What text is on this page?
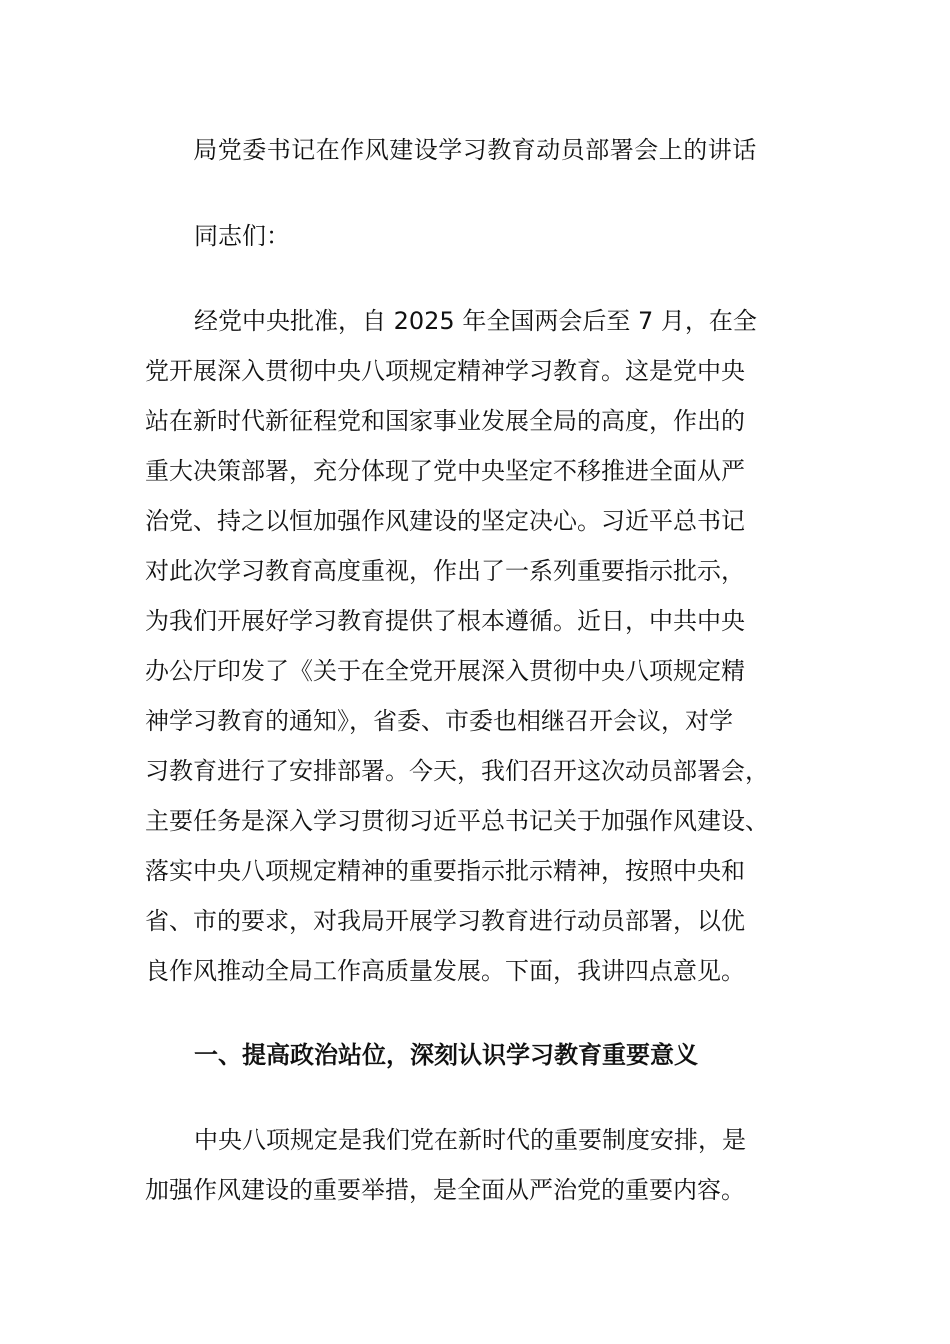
局党委书记在作风建设学习教育动员部署会上的讲话

同志们：

经党中央批准，自 2025 年全国两会后至 7 月，在全
党开展深入贯彻中央八项规定精神学习教育。这是党中央
站在新时代新征程党和国家事业发展全局的高度，作出的
重大决策部署，充分体现了党中央坚定不移推进全面从严
治党、持之以恒加强作风建设的坚定决心。习近平总书记
对此次学习教育高度重视，作出了一系列重要指示批示，
为我们开展好学习教育提供了根本遵循。近日，中共中央
办公厅印发了《关于在全党开展深入贯彻中央八项规定精
神学习教育的通知》，省委、市委也相继召开会议，对学
习教育进行了安排部署。今天，我们召开这次动员部署会，
主要任务是深入学习贯彻习近平总书记关于加强作风建设、
落实中央八项规定精神的重要指示批示精神，按照中央和
省、市的要求，对我局开展学习教育进行动员部署，以优
良作风推动全局工作高质量发展。下面，我讲四点意见。
一、提高政治站位，深刻认识学习教育重要意义
中央八项规定是我们党在新时代的重要制度安排，是
加强作风建设的重要举措，是全面从严治党的重要内容。
